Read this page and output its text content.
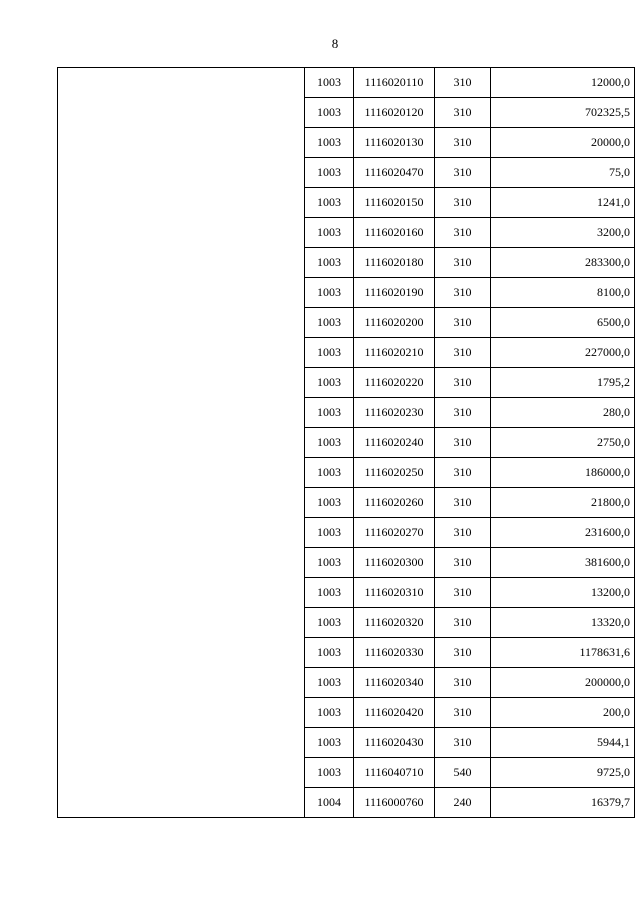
8
	1003	1116020110	310	12000,0
	1003	1116020120	310	702325,5
	1003	1116020130	310	20000,0
	1003	1116020470	310	75,0
	1003	1116020150	310	1241,0
	1003	1116020160	310	3200,0
	1003	1116020180	310	283300,0
	1003	1116020190	310	8100,0
	1003	1116020200	310	6500,0
	1003	1116020210	310	227000,0
	1003	1116020220	310	1795,2
	1003	1116020230	310	280,0
	1003	1116020240	310	2750,0
	1003	1116020250	310	186000,0
	1003	1116020260	310	21800,0
	1003	1116020270	310	231600,0
	1003	1116020300	310	381600,0
	1003	1116020310	310	13200,0
	1003	1116020320	310	13320,0
	1003	1116020330	310	1178631,6
	1003	1116020340	310	200000,0
	1003	1116020420	310	200,0
	1003	1116020430	310	5944,1
	1003	1116040710	540	9725,0
	1004	1116000760	240	16379,7
